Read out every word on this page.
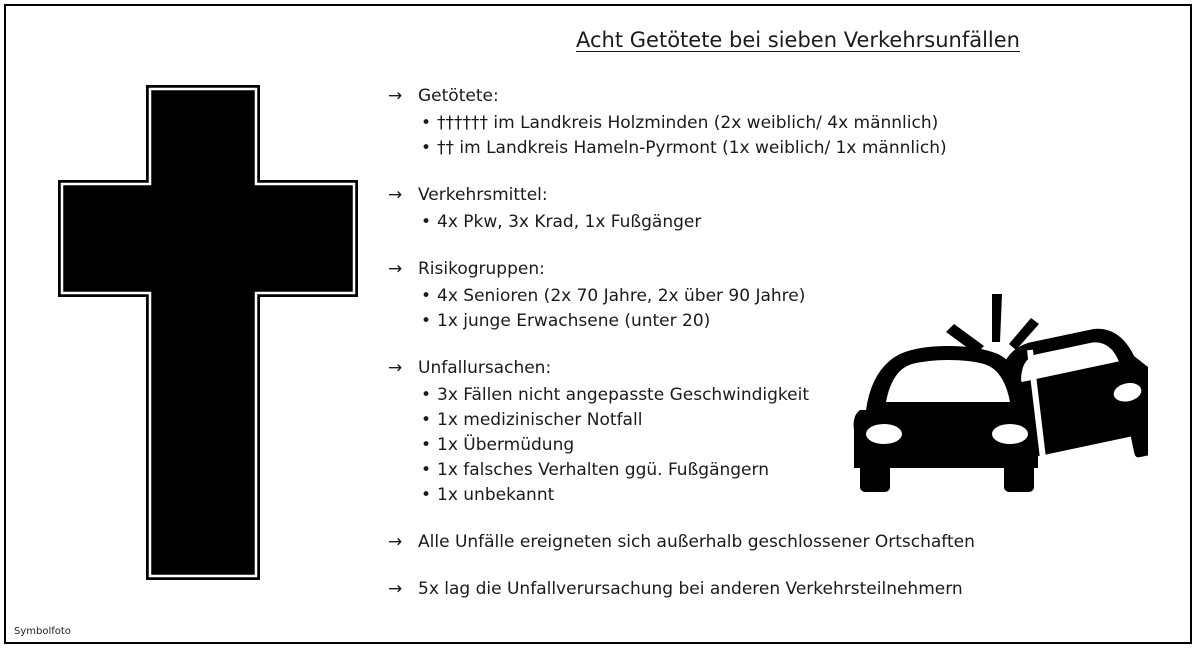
Acht Getötete bei sieben Verkehrsunfällen
→ Getötete:
• †††††† im Landkreis Holzminden (2x weiblich/ 4x männlich)
• †† im Landkreis Hameln-Pyrmont (1x weiblich/ 1x männlich)
→ Verkehrsmittel:
• 4x Pkw, 3x Krad, 1x Fußgänger
→ Risikogruppen:
• 4x Senioren (2x 70 Jahre, 2x über 90 Jahre)
• 1x junge Erwachsene (unter 20)
→ Unfallursachen:
• 3x Fällen nicht angepasste Geschwindigkeit
• 1x medizinischer Notfall
• 1x Übermüdung
• 1x falsches Verhalten ggü. Fußgängern
• 1x unbekannt
→ Alle Unfälle ereigneten sich außerhalb geschlossener Ortschaften
→ 5x lag die Unfallverursachung bei anderen Verkehrsteilnehmern
Symbolfoto
